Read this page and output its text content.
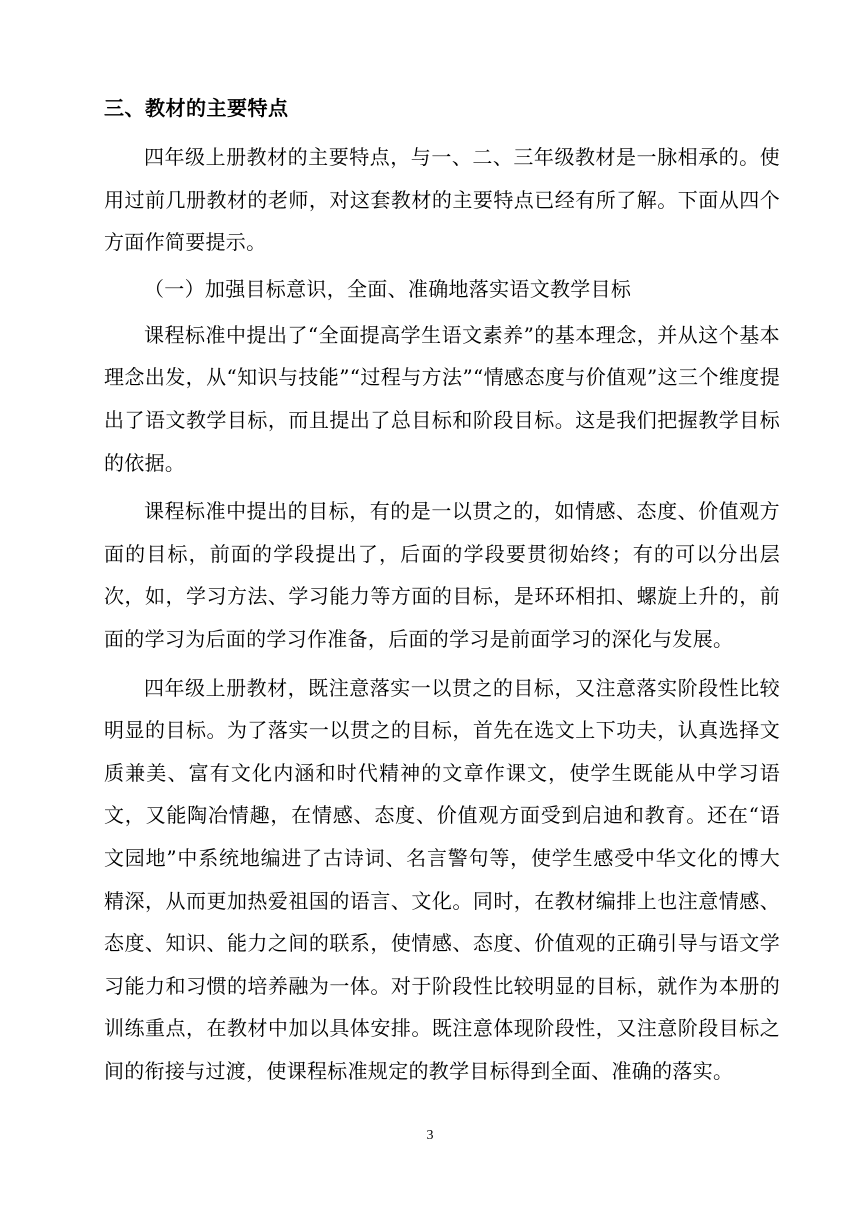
三、教材的主要特点

四年级上册教材的主要特点，与一、二、三年级教材是一脉相承的。使用过前几册教材的老师，对这套教材的主要特点已经有所了解。下面从四个方面作简要提示。

（一）加强目标意识，全面、准确地落实语文教学目标

课程标准中提出了“全面提高学生语文素养”的基本理念，并从这个基本理念出发，从“知识与技能”“过程与方法”“情感态度与价值观”这三个维度提出了语文教学目标，而且提出了总目标和阶段目标。这是我们把握教学目标的依据。

课程标准中提出的目标，有的是一以贯之的，如情感、态度、价值观方面的目标，前面的学段提出了，后面的学段要贯彻始终；有的可以分出层次，如，学习方法、学习能力等方面的目标，是环环相扣、螺旋上升的，前面的学习为后面的学习作准备，后面的学习是前面学习的深化与发展。

四年级上册教材，既注意落实一以贯之的目标，又注意落实阶段性比较明显的目标。为了落实一以贯之的目标，首先在选文上下功夫，认真选择文质兼美、富有文化内涵和时代精神的文章作课文，使学生既能从中学习语文，又能陶冶情趣，在情感、态度、价值观方面受到启迪和教育。还在“语文园地”中系统地编进了古诗词、名言警句等，使学生感受中华文化的博大精深，从而更加热爱祖国的语言、文化。同时，在教材编排上也注意情感、态度、知识、能力之间的联系，使情感、态度、价值观的正确引导与语文学习能力和习惯的培养融为一体。对于阶段性比较明显的目标，就作为本册的训练重点，在教材中加以具体安排。既注意体现阶段性，又注意阶段目标之间的衔接与过渡，使课程标准规定的教学目标得到全面、准确的落实。

3
